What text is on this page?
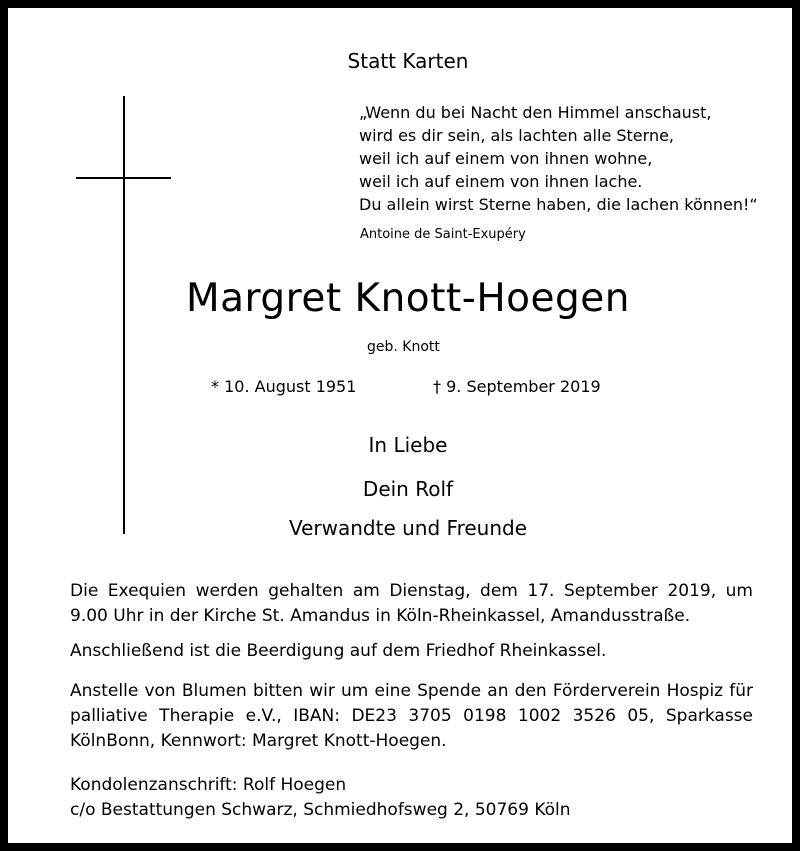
Statt Karten
„Wenn du bei Nacht den Himmel anschaust,
wird es dir sein, als lachten alle Sterne,
weil ich auf einem von ihnen wohne,
weil ich auf einem von ihnen lache.
Du allein wirst Sterne haben, die lachen können!“
Antoine de Saint-Exupéry
Margret Knott-Hoegen
geb. Knott
* 10. August 1951	† 9. September 2019
In Liebe
Dein Rolf
Verwandte und Freunde
Die Exequien werden gehalten am Dienstag, dem 17. September 2019, um 9.00 Uhr in der Kirche St. Amandus in Köln-Rheinkassel, Amandusstraße.
Anschließend ist die Beerdigung auf dem Friedhof Rheinkassel.
Anstelle von Blumen bitten wir um eine Spende an den Förderverein Hospiz für palliative Therapie e.V., IBAN: DE23 3705 0198 1002 3526 05, Sparkasse KölnBonn, Kennwort: Margret Knott-Hoegen.
Kondolenzanschrift: Rolf Hoegen
c/o Bestattungen Schwarz, Schmiedhofsweg 2, 50769 Köln
